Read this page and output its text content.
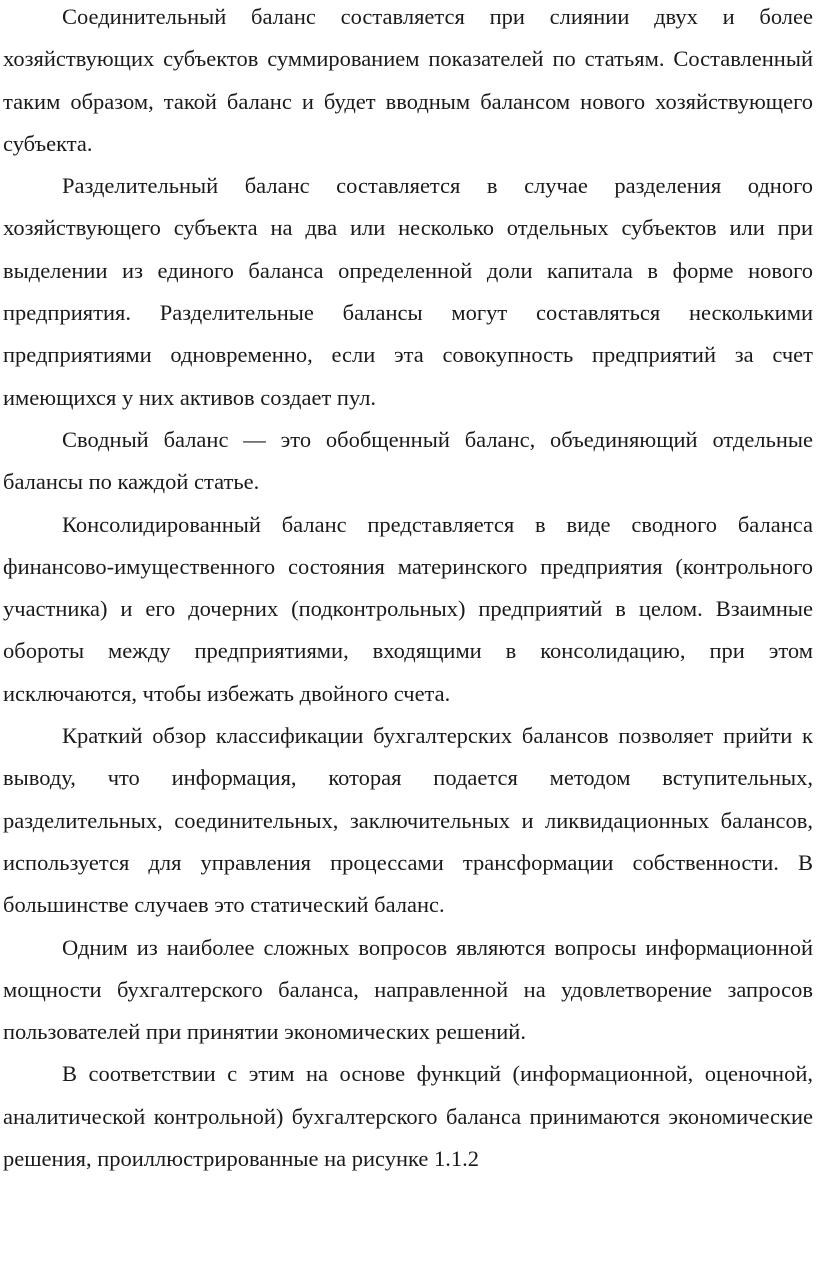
Соединительный баланс составляется при слиянии двух и более хозяйствующих субъектов суммированием показателей по статьям. Составленный таким образом, такой баланс и будет вводным балансом нового хозяйствующего субъекта.

Разделительный баланс составляется в случае разделения одного хозяйствующего субъекта на два или несколько отдельных субъектов или при выделении из единого баланса определенной доли капитала в форме нового предприятия. Разделительные балансы могут составляться несколькими предприятиями одновременно, если эта совокупность предприятий за счет имеющихся у них активов создает пул.

Сводный баланс — это обобщенный баланс, объединяющий отдельные балансы по каждой статье.

Консолидированный баланс представляется в виде сводного баланса финансово-имущественного состояния материнского предприятия (контрольного участника) и его дочерних (подконтрольных) предприятий в целом. Взаимные обороты между предприятиями, входящими в консолидацию, при этом исключаются, чтобы избежать двойного счета.

Краткий обзор классификации бухгалтерских балансов позволяет прийти к выводу, что информация, которая подается методом вступительных, разделительных, соединительных, заключительных и ликвидационных балансов, используется для управления процессами трансформации собственности. В большинстве случаев это статический баланс.

Одним из наиболее сложных вопросов являются вопросы информационной мощности бухгалтерского баланса, направленной на удовлетворение запросов пользователей при принятии экономических решений.

В соответствии с этим на основе функций (информационной, оценочной, аналитической контрольной) бухгалтерского баланса принимаются экономические решения, проиллюстрированные на рисунке 1.1.2
